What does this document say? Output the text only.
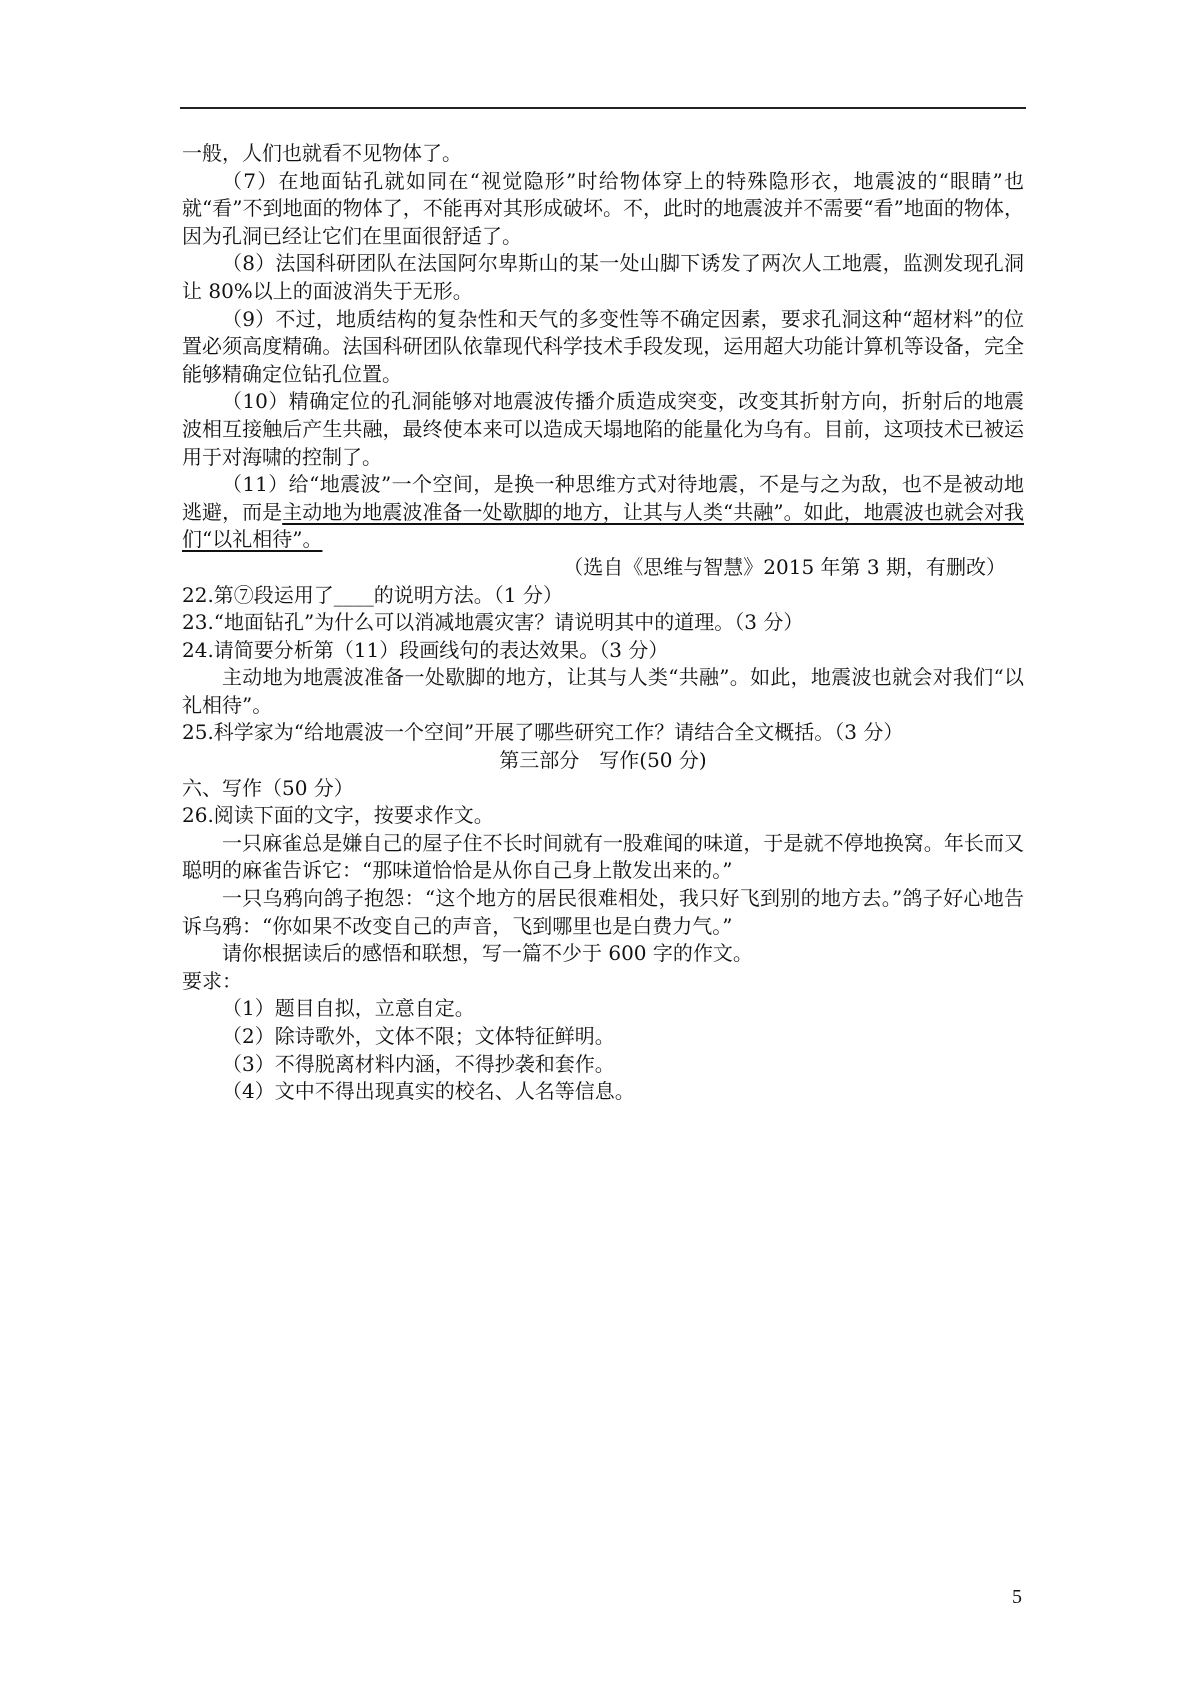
一般，人们也就看不见物体了。

（7）在地面钻孔就如同在“视觉隐形”时给物体穿上的特殊隐形衣，地震波的“眼睛”也就“看”不到地面的物体了，不能再对其形成破坏。不，此时的地震波并不需要“看”地面的物体，因为孔洞已经让它们在里面很舒适了。

（8）法国科研团队在法国阿尔卑斯山的某一处山脚下诱发了两次人工地震，监测发现孔洞让 80%以上的面波消失于无形。

（9）不过，地质结构的复杂性和天气的多变性等不确定因素，要求孔洞这种“超材料”的位置必须高度精确。法国科研团队依靠现代科学技术手段发现，运用超大功能计算机等设备，完全能够精确定位钻孔位置。

（10）精确定位的孔洞能够对地震波传播介质造成突变，改变其折射方向，折射后的地震波相互接触后产生共融，最终使本来可以造成天塌地陷的能量化为乌有。目前，这项技术已被运用于对海啸的控制了。

（11）给“地震波”一个空间，是换一种思维方式对待地震，不是与之为敌，也不是被动地逃避，而是主动地为地震波准备一处歇脚的地方，让其与人类“共融”。如此，地震波也就会对我们“以礼相待”。

（选自《思维与智慧》2015 年第 3 期，有删改）

22.第⑦段运用了____的说明方法。（1 分）

23.“地面钻孔”为什么可以消减地震灾害？请说明其中的道理。（3 分）

24.请简要分析第（11）段画线句的表达效果。（3 分）

主动地为地震波准备一处歇脚的地方，让其与人类“共融”。如此，地震波也就会对我们“以礼相待”。

25.科学家为“给地震波一个空间”开展了哪些研究工作？请结合全文概括。（3 分）

第三部分　写作(50 分)

六、写作（50 分）

26.阅读下面的文字，按要求作文。

一只麻雀总是嫌自己的屋子住不长时间就有一股难闻的味道，于是就不停地换窝。年长而又聪明的麻雀告诉它：“那味道恰恰是从你自己身上散发出来的。”

一只乌鸦向鸽子抱怨：“这个地方的居民很难相处，我只好飞到别的地方去。”鸽子好心地告诉乌鸦：“你如果不改变自己的声音，飞到哪里也是白费力气。”

请你根据读后的感悟和联想，写一篇不少于 600 字的作文。

要求：

（1）题目自拟，立意自定。

（2）除诗歌外，文体不限；文体特征鲜明。

（3）不得脱离材料内涵，不得抄袭和套作。

（4）文中不得出现真实的校名、人名等信息。

5
